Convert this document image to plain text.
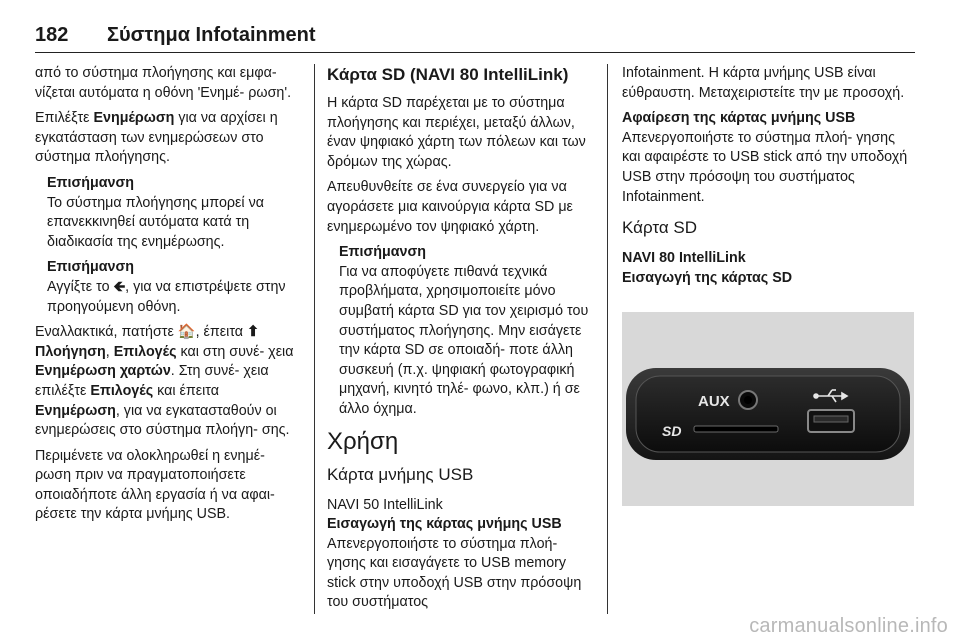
182	Σύστημα Infotainment

από το σύστημα πλοήγησης και εμφα- νίζεται αυτόματα η οθόνη 'Ενημέ- ρωση'.

Επιλέξτε Ενημέρωση για να αρχίσει η εγκατάσταση των ενημερώσεων στο σύστημα πλοήγησης.

Επισήμανση
Το σύστημα πλοήγησης μπορεί να επανεκκινηθεί αυτόματα κατά τη διαδικασία της ενημέρωσης.
Επισήμανση
Αγγίξτε το 🡸, για να επιστρέψετε στην προηγούμενη οθόνη.

Εναλλακτικά, πατήστε 🏠, έπειτα ⬆Πλοήγηση, Επιλογές και στη συνέ- χεια Ενημέρωση χαρτών. Στη συνέ- χεια επιλέξτε Επιλογές και έπειτα Ενημέρωση, για να εγκατασταθούν οι ενημερώσεις στο σύστημα πλοήγη- σης.

Περιμένετε να ολοκληρωθεί η ενημέ- ρωση πριν να πραγματοποιήσετε οποιαδήποτε άλλη εργασία ή να αφαι- ρέσετε την κάρτα μνήμης USB.

Κάρτα SD (NAVI 80 IntelliLink)

Η κάρτα SD παρέχεται με το σύστημα πλοήγησης και περιέχει, μεταξύ άλλων, έναν ψηφιακό χάρτη των πόλεων και των δρόμων της χώρας.

Απευθυνθείτε σε ένα συνεργείο για να αγοράσετε μια καινούργια κάρτα SD με ενημερωμένο τον ψηφιακό χάρτη.

Επισήμανση
Για να αποφύγετε πιθανά τεχνικά προβλήματα, χρησιμοποιείτε μόνο συμβατή κάρτα SD για τον χειρισμό του συστήματος πλοήγησης. Μην εισάγετε την κάρτα SD σε οποιαδή- ποτε άλλη συσκευή (π.χ. ψηφιακή φωτογραφική μηχανή, κινητό τηλέ- φωνο, κλπ.) ή σε άλλο όχημα.
Χρήση
Κάρτα μνήμης USB
NAVI 50 IntelliLink
Εισαγωγή της κάρτας μνήμης USB

Απενεργοποιήστε το σύστημα πλοή- γησης και εισαγάγετε το USB memory stick στην υποδοχή USB στην πρόσοψη του συστήματος

Infotainment. Η κάρτα μνήμης USB είναι εύθραυστη. Μεταχειριστείτε την με προσοχή.

Αφαίρεση της κάρτας μνήμης USB

Απενεργοποιήστε το σύστημα πλοή- γησης και αφαιρέστε το USB stick από την υποδοχή USB στην πρόσοψη του συστήματος Infotainment.

Κάρτα SD
NAVI 80 IntelliLink
Εισαγωγή της κάρτας SD
AUX
SD
carmanualsonline.info
